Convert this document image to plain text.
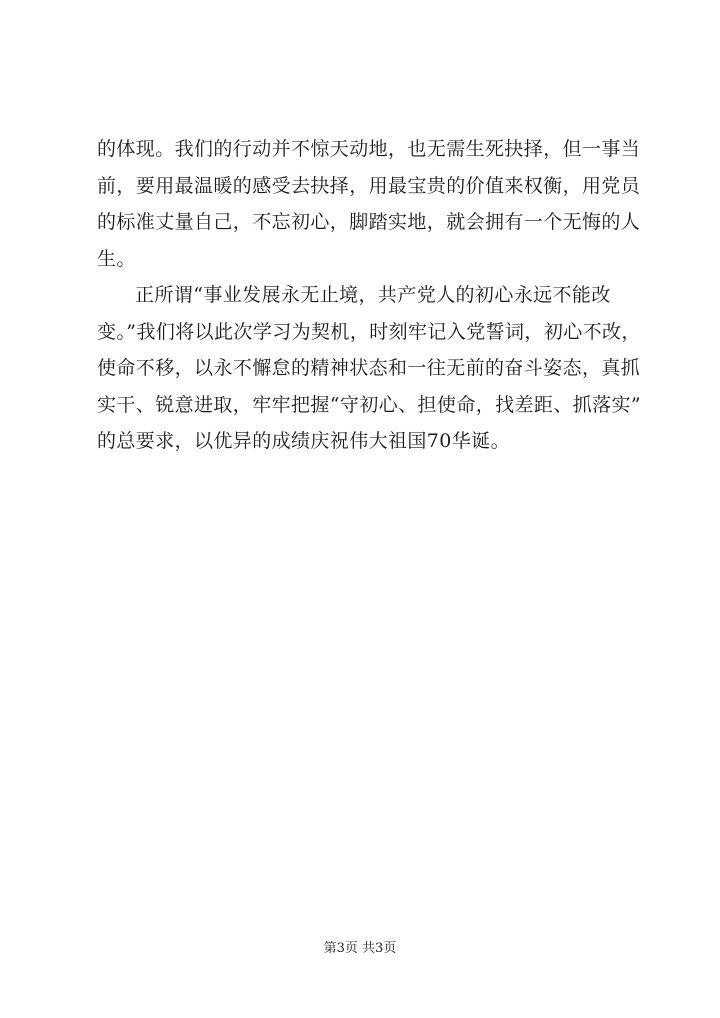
的体现。我们的行动并不惊天动地，也无需生死抉择，但一事当
前，要用最温暖的感受去抉择，用最宝贵的价值来权衡，用党员
的标准丈量自己，不忘初心，脚踏实地，就会拥有一个无悔的人
生。
正所谓“事业发展永无止境，共产党人的初心永远不能改
变。”我们将以此次学习为契机，时刻牢记入党誓词，初心不改，
使命不移，以永不懈怠的精神状态和一往无前的奋斗姿态，真抓
实干、锐意进取，牢牢把握“守初心、担使命，找差距、抓落实”
的总要求，以优异的成绩庆祝伟大祖国70华诞。
第3页 共3页
